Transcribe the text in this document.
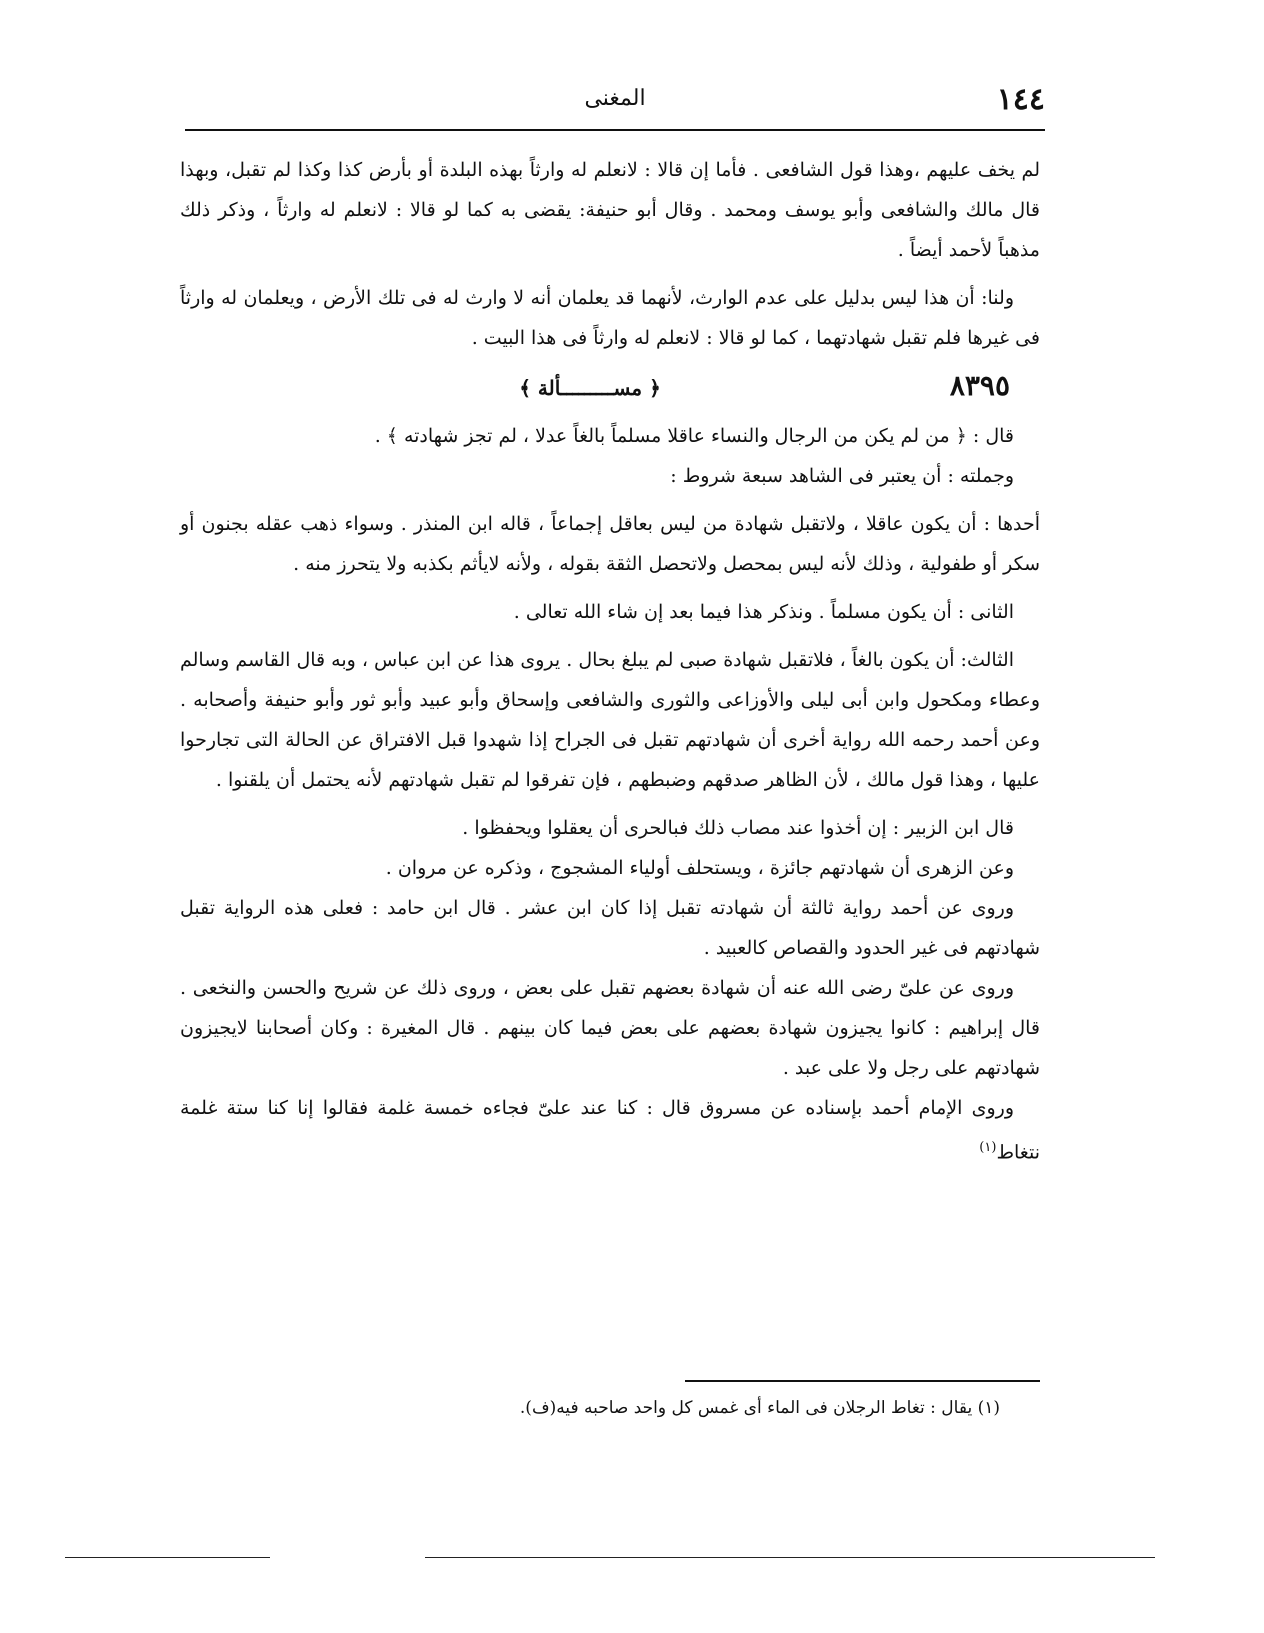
١٤٤
المغنى

لم يخف عليهم ،وهذا قول الشافعى . فأما إن قالا : لانعلم له وارثاً بهذه البلدة أو بأرض كذا وكذا لم تقبل، وبهذا قال مالك والشافعى وأبو يوسف ومحمد . وقال أبو حنيفة: يقضى به كما لو قالا : لانعلم له وارثاً ، وذكر ذلك مذهباً لأحمد أيضاً .

ولنا: أن هذا ليس بدليل على عدم الوارث، لأنهما قد يعلمان أنه لا وارث له فى تلك الأرض ، ويعلمان له وارثاً فى غيرها فلم تقبل شهادتهما ، كما لو قالا : لانعلم له وارثاً فى هذا البيت .

٨٣٩٥
﴿ مســـــــــألة ﴾

قال : ﴿ من لم يكن من الرجال والنساء عاقلا مسلماً بالغاً عدلا ، لم تجز شهادته ﴾ .

وجملته : أن يعتبر فى الشاهد سبعة شروط :

أحدها : أن يكون عاقلا ، ولاتقبل شهادة من ليس بعاقل إجماعاً ، قاله ابن المنذر . وسواء ذهب عقله بجنون أو سكر أو طفولية ، وذلك لأنه ليس بمحصل ولاتحصل الثقة بقوله ، ولأنه لايأثم بكذبه ولا يتحرز منه .

الثانى : أن يكون مسلماً . ونذكر هذا فيما بعد إن شاء الله تعالى .

الثالث: أن يكون بالغاً ، فلاتقبل شهادة صبى لم يبلغ بحال . يروى هذا عن ابن عباس ، وبه قال القاسم وسالم وعطاء ومكحول وابن أبى ليلى والأوزاعى والثورى والشافعى وإسحاق وأبو عبيد وأبو ثور وأبو حنيفة وأصحابه . وعن أحمد رحمه الله رواية أخرى أن شهادتهم تقبل فى الجراح إذا شهدوا قبل الافتراق عن الحالة التى تجارحوا عليها ، وهذا قول مالك ، لأن الظاهر صدقهم وضبطهم ، فإن تفرقوا لم تقبل شهادتهم لأنه يحتمل أن يلقنوا .

قال ابن الزبير : إن أخذوا عند مصاب ذلك فبالحرى أن يعقلوا ويحفظوا .

وعن الزهرى أن شهادتهم جائزة ، ويستحلف أولياء المشجوج ، وذكره عن مروان .

وروى عن أحمد رواية ثالثة أن شهادته تقبل إذا كان ابن عشر . قال ابن حامد : فعلى هذه الرواية تقبل شهادتهم فى غير الحدود والقصاص كالعبيد .

وروى عن علىّ رضى الله عنه أن شهادة بعضهم تقبل على بعض ، وروى ذلك عن شريح والحسن والنخعى . قال إبراهيم : كانوا يجيزون شهادة بعضهم على بعض فيما كان بينهم . قال المغيرة : وكان أصحابنا لايجيزون شهادتهم على رجل ولا على عبد .

وروى الإمام أحمد بإسناده عن مسروق قال : كنا عند علىّ فجاءه خمسة غلمة فقالوا إنا كنا ستة غلمة نتغاط$^{(١)}$

(١) يقال : تغاط الرجلان فى الماء أى غمس كل واحد صاحبه فيه(ف).
